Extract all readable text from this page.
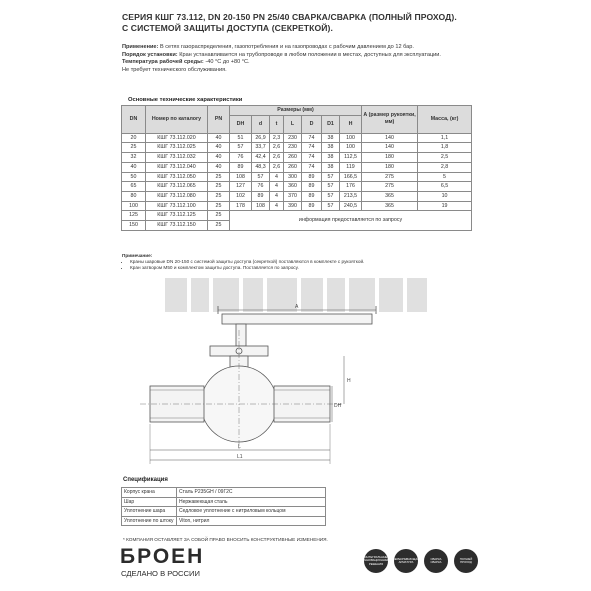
СЕРИЯ КШГ 73.112, DN 20-150 PN 25/40 СВАРКА/СВАРКА (ПОЛНЫЙ ПРОХОД).
С СИСТЕМОЙ ЗАЩИТЫ ДОСТУПА (СЕКРЕТКОЙ).

Применение: В сетях газораспределения, газопотребления и на газопроводах с рабочим давлением до 12 бар.

Порядок установки: Кран устанавливается на трубопроводе в любом положении в местах, доступных для эксплуатации.

Температура рабочей среды: -40 °С до +80 °С.

Не требует технического обслуживания.

Основные технические характеристики
DN	Номер по каталогу	PN	Размеры (мм)							А (размер рукоятки, мм)	Масса, (кг)
			DH	d	t	L	D	D1	H		
20	КШГ 73.112.020	40	51	26,9	2,3	230	74	38	100	140	1,1
25	КШГ 73.112.025	40	57	33,7	2,6	230	74	38	100	140	1,8
32	КШГ 73.112.032	40	76	42,4	2,6	260	74	38	112,5	180	2,5
40	КШГ 73.112.040	40	89	48,3	2,6	260	74	38	119	180	2,8
50	КШГ 73.112.050	25	108	57	4	300	89	57	166,5	275	5
65	КШГ 73.112.065	25	127	76	4	360	89	57	176	275	6,5
80	КШГ 73.112.080	25	102	89	4	370	89	57	213,5	365	10
100	КШГ 73.112.100	25	178	108	4	390	89	57	240,5	365	19
125	КШГ 73.112.125	25	информация предоставляется по запросу								
150	КШГ 73.112.150	25									
Примечание:
• Краны шаровые DN 20-150 с системой защиты доступа (секреткой) поставляются в комплекте с рукояткой.
• Кран затвором М50 и комплектом защиты доступа. Поставляется по запросу.
A
H
DH
L
L1
Спецификация
Корпус крана	Сталь Р235GH / 09Г2С
Шар	Нержавеющая сталь
Уплотнение шара	Седловое уплотнение с нитриловым кольцом
Уплотнение по штоку	Viton, нитрил
* КОМПАНИЯ ОСТАВЛЯЕТ ЗА СОБОЙ ПРАВО ВНОСИТЬ КОНСТРУКТИВНЫЕ ИЗМЕНЕНИЯ.
БРОЕН
СДЕЛАНО В РОССИИ
ИНТЕГРАЛЬНЫЕ ИННОВАЦИОННЫЕ РЕШЕНИЯ
ПЕРЕКРЫВАЮЩАЯ АРМАТУРА
СВАРКА СВАРКА
ПОЛНЫЙ ПРОХОД
